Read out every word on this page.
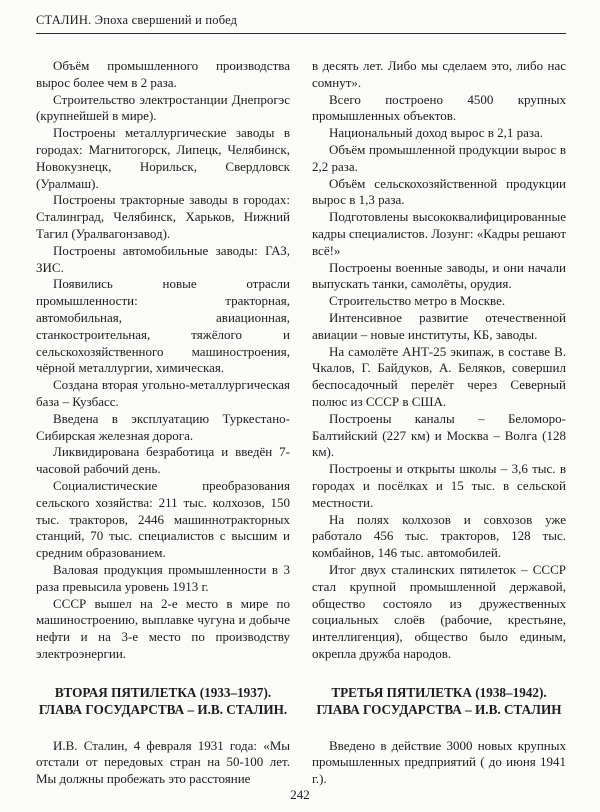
СТАЛИН. Эпоха свершений и побед

Объём промышленного производства вырос более чем в 2 раза.

Строительство электростанции Днепрогэс (крупнейшей в мире).

Построены металлургические заводы в городах: Магнитогорск, Липецк, Челябинск, Новокузнецк, Норильск, Свердловск (Уралмаш).

Построены тракторные заводы в городах: Сталинград, Челябинск, Харьков, Нижний Тагил (Уралвагонзавод).

Построены автомобильные заводы: ГАЗ, ЗИС.

Появились новые отрасли промышленности: тракторная, автомобильная, авиационная, станкостроительная, тяжёлого и сельскохозяйственного машиностроения, чёрной металлургии, химическая.

Создана вторая угольно-металлургическая база – Кузбасс.

Введена в эксплуатацию Туркестано-Сибирская железная дорога.

Ликвидирована безработица и введён 7-часовой рабочий день.

Социалистические преобразования сельского хозяйства: 211 тыс. колхозов, 150 тыс. тракторов, 2446 машиннотракторных станций, 70 тыс. специалистов с высшим и средним образованием.

Валовая продукция промышленности в 3 раза превысила уровень 1913 г.

СССР вышел на 2-е место в мире по машиностроению, выплавке чугуна и добыче нефти и на 3-е место по производству электроэнергии.

ВТОРАЯ ПЯТИЛЕТКА (1933–1937).
ГЛАВА ГОСУДАРСТВА – И.В. СТАЛИН.

И.В. Сталин, 4 февраля 1931 года: «Мы отстали от передовых стран на 50-100 лет. Мы должны пробежать это расстояние

в десять лет. Либо мы сделаем это, либо нас сомнут».

Всего построено 4500 крупных промышленных объектов.

Национальный доход вырос в 2,1 раза.

Объём промышленной продукции вырос в 2,2 раза.

Объём сельскохозяйственной продукции вырос в 1,3 раза.

Подготовлены высококвалифицированные кадры специалистов. Лозунг: «Кадры решают всё!»

Построены военные заводы, и они начали выпускать танки, самолёты, орудия.

Строительство метро в Москве.

Интенсивное развитие отечественной авиации – новые институты, КБ, заводы.

На самолёте АНТ-25 экипаж, в составе В. Чкалов, Г. Байдуков, А. Беляков, совершил беспосадочный перелёт через Северный полюс из СССР в США.

Построены каналы – Беломоро-Балтийский (227 км) и Москва – Волга (128 км).

Построены и открыты школы – 3,6 тыс. в городах и посёлках и 15 тыс. в сельской местности.

На полях колхозов и совхозов уже работало 456 тыс. тракторов, 128 тыс. комбайнов, 146 тыс. автомобилей.

Итог двух сталинских пятилеток – СССР стал крупной промышленной державой, общество состояло из дружественных социальных слоёв (рабочие, крестьяне, интеллигенция), общество было единым, окрепла дружба народов.

ТРЕТЬЯ ПЯТИЛЕТКА (1938–1942).
ГЛАВА ГОСУДАРСТВА – И.В. СТАЛИН

Введено в действие 3000 новых крупных промышленных предприятий ( до июня 1941 г.).

242
